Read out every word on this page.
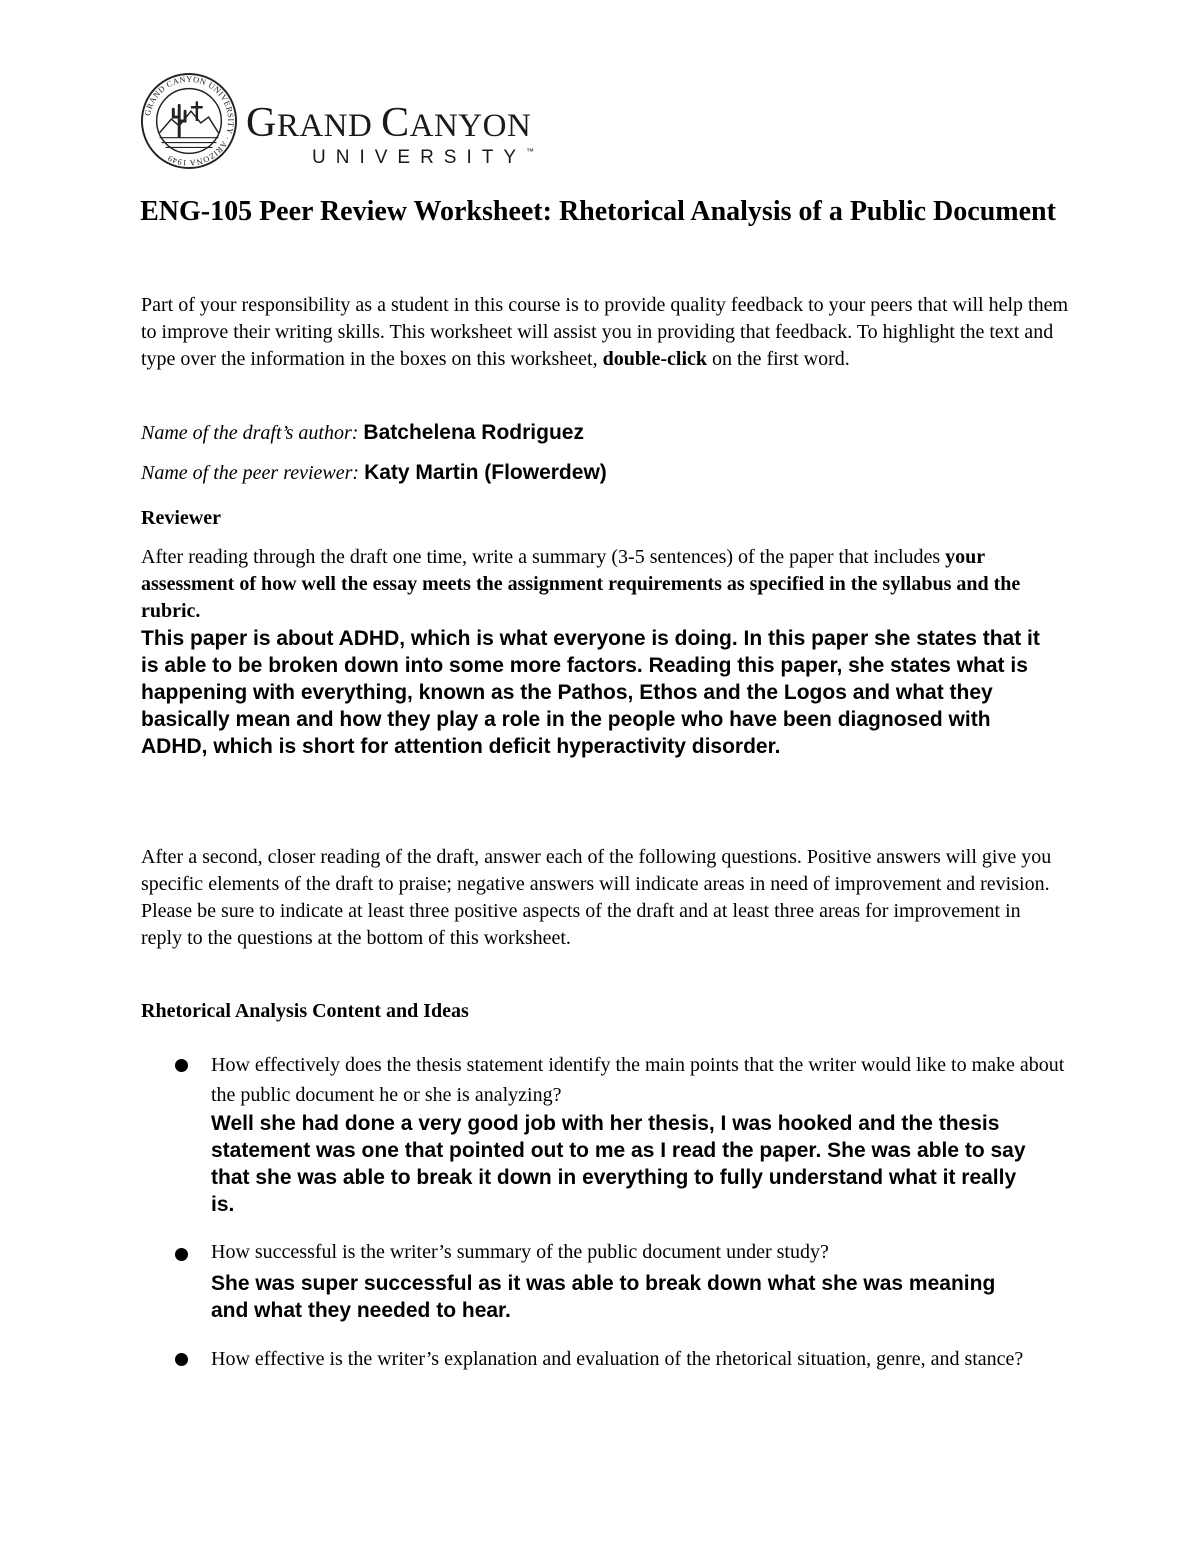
GRAND CANYON UNIVERSITY · ARIZONA 1949
GRAND CANYON
UNIVERSITY™
ENG-105 Peer Review Worksheet: Rhetorical Analysis of a Public Document

Part of your responsibility as a student in this course is to provide quality feedback to your peers that will help them to improve their writing skills. This worksheet will assist you in providing that feedback. To highlight the text and type over the information in the boxes on this worksheet, double-click on the first word.

Name of the draft’s author: Batchelena Rodriguez
Name of the peer reviewer: Katy Martin (Flowerdew)
Reviewer

After reading through the draft one time, write a summary (3-5 sentences) of the paper that includes your assessment of how well the essay meets the assignment requirements as specified in the syllabus and the rubric.

This paper is about ADHD, which is what everyone is doing. In this paper she states that it is able to be broken down into some more factors. Reading this paper, she states what is happening with everything, known as the Pathos, Ethos and the Logos and what they basically mean and how they play a role in the people who have been diagnosed with ADHD, which is short for attention deficit hyperactivity disorder.

After a second, closer reading of the draft, answer each of the following questions. Positive answers will give you specific elements of the draft to praise; negative answers will indicate areas in need of improvement and revision. Please be sure to indicate at least three positive aspects of the draft and at least three areas for improvement in reply to the questions at the bottom of this worksheet.

Rhetorical Analysis Content and Ideas
How effectively does the thesis statement identify the main points that the writer would like to make about the public document he or she is analyzing?

Well she had done a very good job with her thesis, I was hooked and the thesis statement was one that pointed out to me as I read the paper. She was able to say that she was able to break it down in everything to fully understand what it really is.

How successful is the writer’s summary of the public document under study?

She was super successful as it was able to break down what she was meaning and what they needed to hear.

How effective is the writer’s explanation and evaluation of the rhetorical situation, genre, and stance?
